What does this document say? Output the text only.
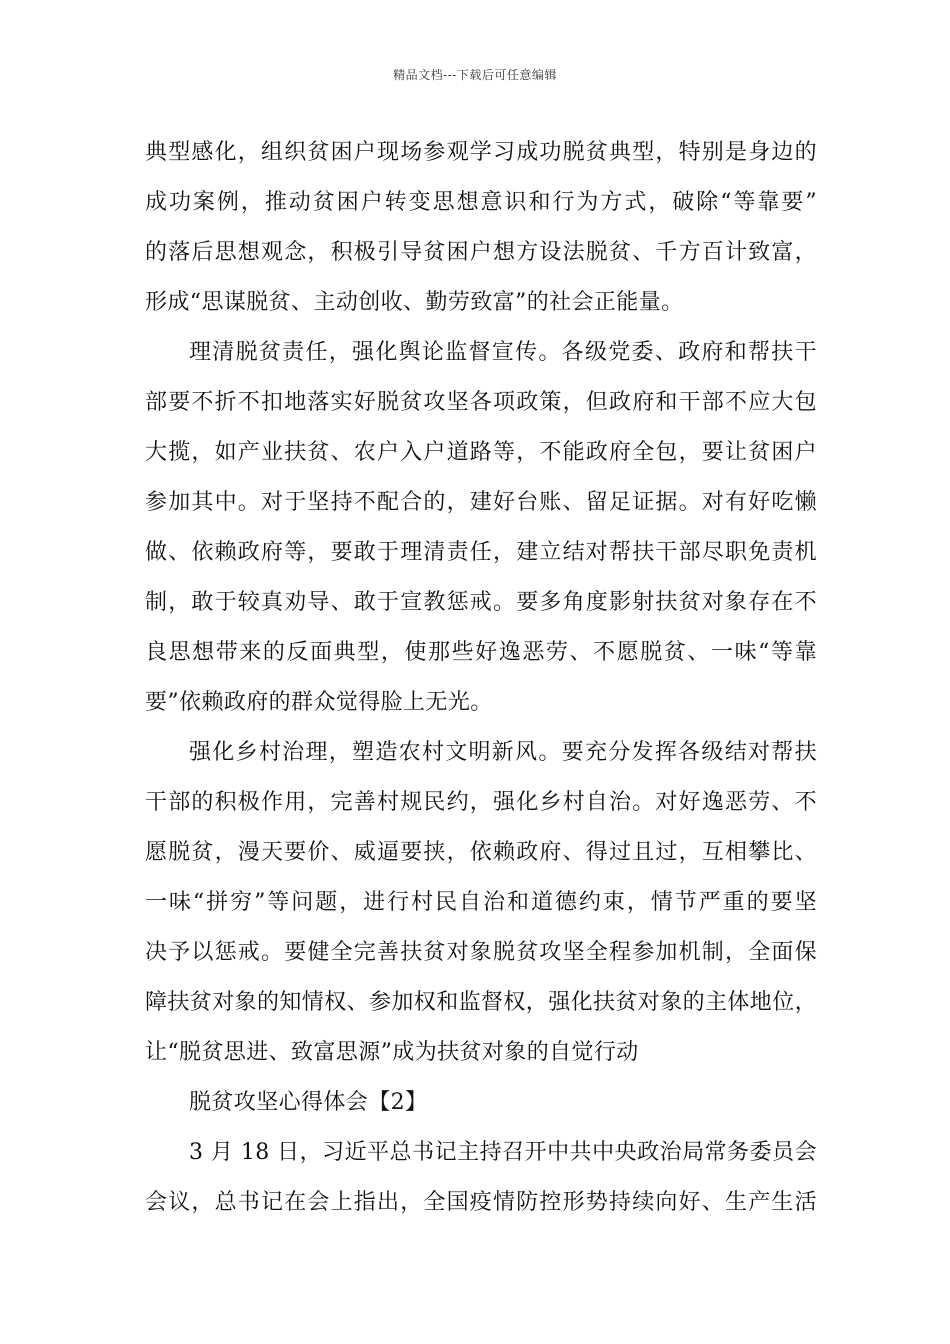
精品文档---下载后可任意编辑
典型感化，组织贫困户现场参观学习成功脱贫典型，特别是身边的
成功案例，推动贫困户转变思想意识和行为方式，破除“等靠要”
的落后思想观念，积极引导贫困户想方设法脱贫、千方百计致富，
形成“思谋脱贫、主动创收、勤劳致富”的社会正能量。
理清脱贫责任，强化舆论监督宣传。各级党委、政府和帮扶干
部要不折不扣地落实好脱贫攻坚各项政策，但政府和干部不应大包
大揽，如产业扶贫、农户入户道路等，不能政府全包，要让贫困户
参加其中。对于坚持不配合的，建好台账、留足证据。对有好吃懒
做、依赖政府等，要敢于理清责任，建立结对帮扶干部尽职免责机
制，敢于较真劝导、敢于宣教惩戒。要多角度影射扶贫对象存在不
良思想带来的反面典型，使那些好逸恶劳、不愿脱贫、一味“等靠
要”依赖政府的群众觉得脸上无光。
强化乡村治理，塑造农村文明新风。要充分发挥各级结对帮扶
干部的积极作用，完善村规民约，强化乡村自治。对好逸恶劳、不
愿脱贫，漫天要价、威逼要挟，依赖政府、得过且过，互相攀比、
一味“拼穷”等问题，进行村民自治和道德约束，情节严重的要坚
决予以惩戒。要健全完善扶贫对象脱贫攻坚全程参加机制，全面保
障扶贫对象的知情权、参加权和监督权，强化扶贫对象的主体地位，
让“脱贫思进、致富思源”成为扶贫对象的自觉行动
脱贫攻坚心得体会【2】
3 月 18 日，习近平总书记主持召开中共中央政治局常务委员会
会议，总书记在会上指出，全国疫情防控形势持续向好、生产生活
